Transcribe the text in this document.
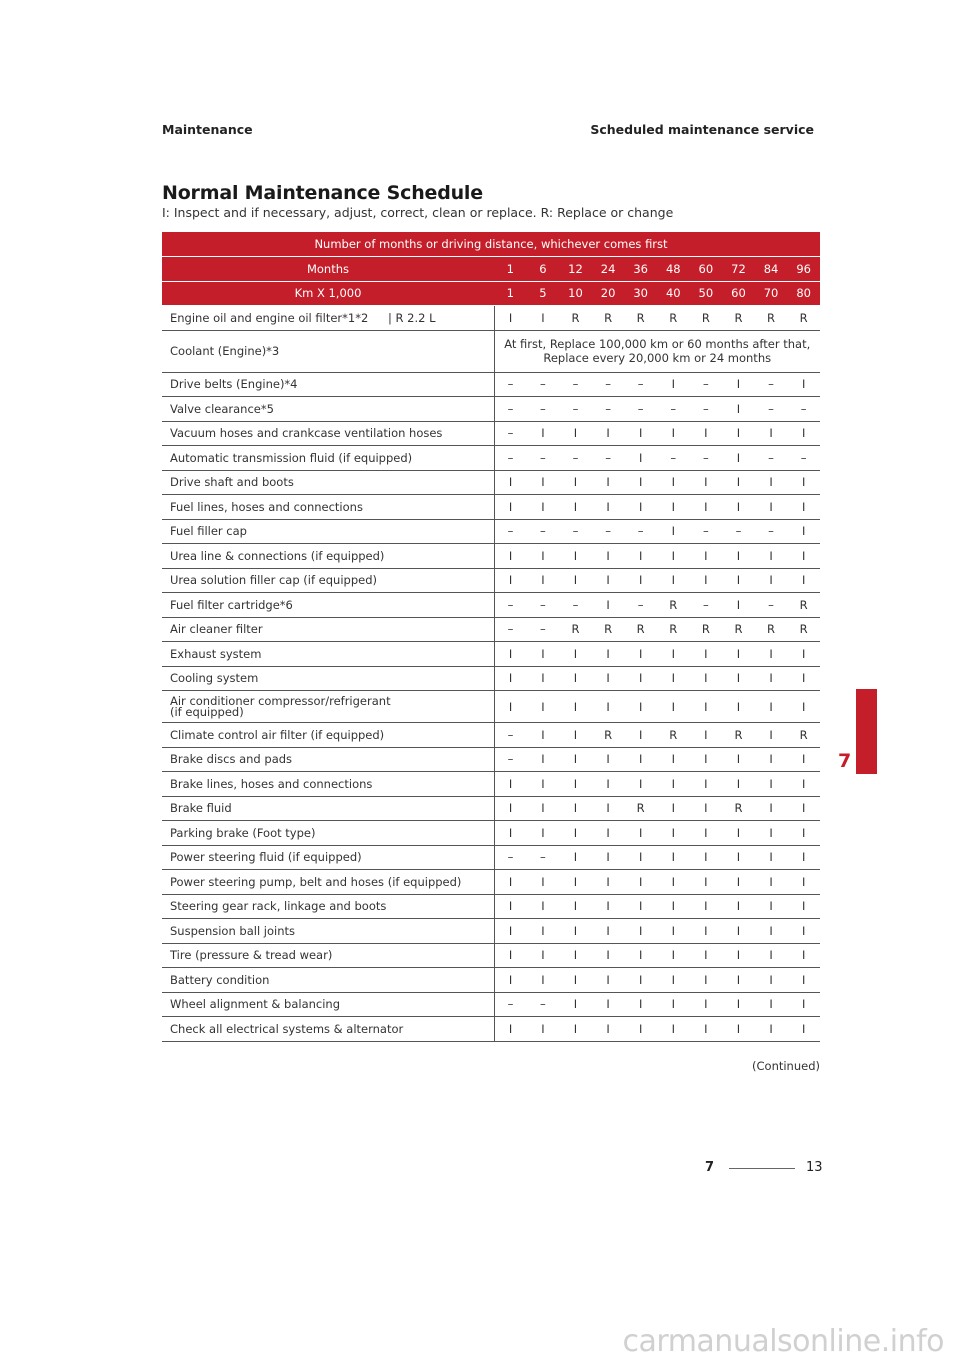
Maintenance	Scheduled maintenance service
Normal Maintenance Schedule
I: Inspect and if necessary, adjust, correct, clean or replace. R: Replace or change
Number of months or driving distance, whichever comes first										
Months	1	6	12	24	36	48	60	72	84	96
Km X 1,000	1	5	10	20	30	40	50	60	70	80
Engine oil and engine oil filter*1*2 | R 2.2 L	I	I	R	R	R	R	R	R	R	R
Coolant (Engine)*3	At first, Replace 100,000 km or 60 months after that,
Replace every 20,000 km or 24 months									
Drive belts (Engine)*4	–	–	–	–	–	I	–	I	–	I
Valve clearance*5	–	–	–	–	–	–	–	I	–	–
Vacuum hoses and crankcase ventilation hoses	–	I	I	I	I	I	I	I	I	I
Automatic transmission fluid (if equipped)	–	–	–	–	I	–	–	I	–	–
Drive shaft and boots	I	I	I	I	I	I	I	I	I	I
Fuel lines, hoses and connections	I	I	I	I	I	I	I	I	I	I
Fuel filler cap	–	–	–	–	–	I	–	–	–	I
Urea line & connections (if equipped)	I	I	I	I	I	I	I	I	I	I
Urea solution filler cap (if equipped)	I	I	I	I	I	I	I	I	I	I
Fuel filter cartridge*6	–	–	–	I	–	R	–	I	–	R
Air cleaner filter	–	–	R	R	R	R	R	R	R	R
Exhaust system	I	I	I	I	I	I	I	I	I	I
Cooling system	I	I	I	I	I	I	I	I	I	I

Air conditioner compressor/refrigerant
(if equipped)	I	I	I	I	I	I	I	I	I	I
Climate control air filter (if equipped)	–	I	I	R	I	R	I	R	I	R
Brake discs and pads	–	I	I	I	I	I	I	I	I	I
Brake lines, hoses and connections	I	I	I	I	I	I	I	I	I	I
Brake fluid	I	I	I	I	R	I	I	R	I	I
Parking brake (Foot type)	I	I	I	I	I	I	I	I	I	I
Power steering fluid (if equipped)	–	–	I	I	I	I	I	I	I	I
Power steering pump, belt and hoses (if equipped)	I	I	I	I	I	I	I	I	I	I
Steering gear rack, linkage and boots	I	I	I	I	I	I	I	I	I	I
Suspension ball joints	I	I	I	I	I	I	I	I	I	I
Tire (pressure & tread wear)	I	I	I	I	I	I	I	I	I	I
Battery condition	I	I	I	I	I	I	I	I	I	I
Wheel alignment & balancing	–	–	I	I	I	I	I	I	I	I
Check all electrical systems & alternator	I	I	I	I	I	I	I	I	I	I
(Continued)
7
7	13
carmanualsonline.info
